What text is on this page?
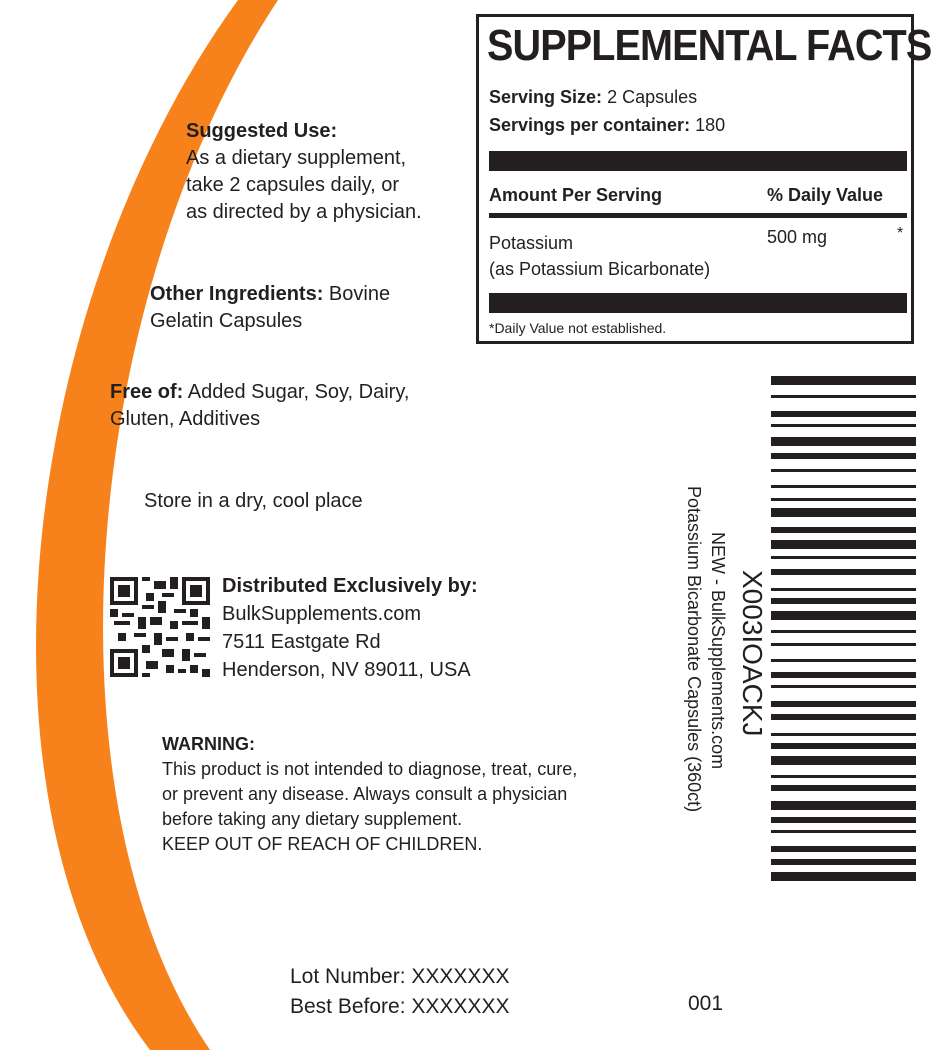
SUPPLEMENTAL FACTS
Serving Size: 2 Capsules
Servings per container: 180
Amount Per Serving	% Daily Value
Potassium
(as Potassium Bicarbonate)
500 mg	*
*Daily Value not established.
Suggested Use:
As a dietary supplement,
take 2 capsules daily, or
as directed by a physician.
Other Ingredients: Bovine
Gelatin Capsules
Free of: Added Sugar, Soy, Dairy,
Gluten, Additives
Store in a dry, cool place
Distributed Exclusively by:
BulkSupplements.com
7511 Eastgate Rd
Henderson, NV 89011, USA
WARNING:
This product is not intended to diagnose, treat, cure,
or prevent any disease. Always consult a physician
before taking any dietary supplement.
KEEP OUT OF REACH OF CHILDREN.
Lot Number: XXXXXXX
Best Before: XXXXXXX	001
X003IOACKJ
NEW - BulkSupplements.com
Potassium Bicarbonate Capsules (360ct)
